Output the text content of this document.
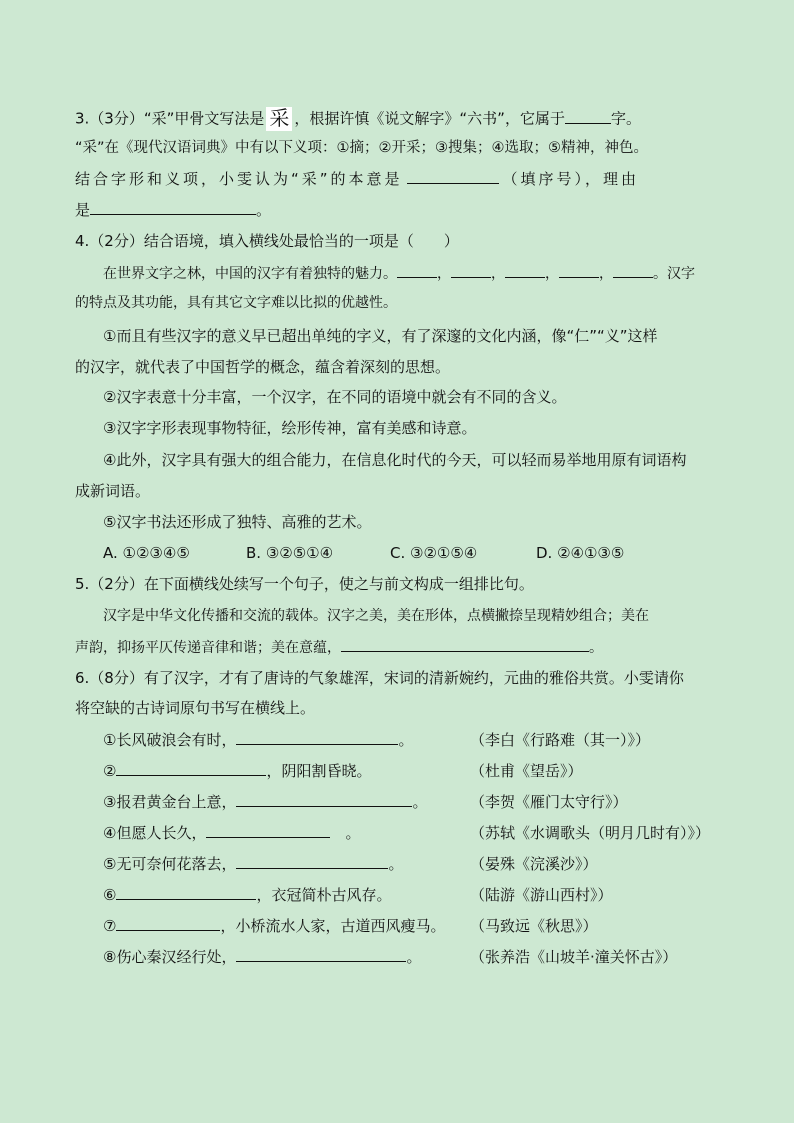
3.（3分）“采”甲骨文写法是 采 ，根据许慎《说文解字》“六书”，它属于	字。
“采”在《现代汉语词典》中有以下义项：①摘；②开采；③搜集；④选取；⑤精神，神色。
结合字形和义项，小雯认为“采”的本意是	（填序号），理由
是	。
4.（2分）结合语境，填入横线处最恰当的一项是（　　）
在世界文字之林，中国的汉字有着独特的魅力。	，	，	，	，	。汉字
的特点及其功能，具有其它文字难以比拟的优越性。
①而且有些汉字的意义早已超出单纯的字义，有了深邃的文化内涵，像“仁”“义”这样
的汉字，就代表了中国哲学的概念，蕴含着深刻的思想。
②汉字表意十分丰富，一个汉字，在不同的语境中就会有不同的含义。
③汉字字形表现事物特征，绘形传神，富有美感和诗意。
④此外，汉字具有强大的组合能力，在信息化时代的今天，可以轻而易举地用原有词语构
成新词语。
⑤汉字书法还形成了独特、高雅的艺术。
A. ①②③④⑤	B. ③②⑤①④	C. ③②①⑤④	D. ②④①③⑤
5.（2分）在下面横线处续写一个句子，使之与前文构成一组排比句。
汉字是中华文化传播和交流的载体。汉字之美，美在形体，点横撇捺呈现精妙组合；美在
声韵，抑扬平仄传递音律和谐；美在意蕴，	。
6.（8分）有了汉字，才有了唐诗的气象雄浑，宋词的清新婉约，元曲的雅俗共赏。小雯请你
将空缺的古诗词原句书写在横线上。
①长风破浪会有时，	。	（李白《行路难（其一）》）
②	，阴阳割昏晓。	（杜甫《望岳》）
③报君黄金台上意，	。	（李贺《雁门太守行》）
④但愿人长久，	　。	（苏轼《水调歌头（明月几时有）》）
⑤无可奈何花落去，	。	（晏殊《浣溪沙》）
⑥	，衣冠简朴古风存。	（陆游《游山西村》）
⑦	，小桥流水人家，古道西风瘦马。 （马致远《秋思》）
⑧伤心秦汉经行处，	。	（张养浩《山坡羊·潼关怀古》）
